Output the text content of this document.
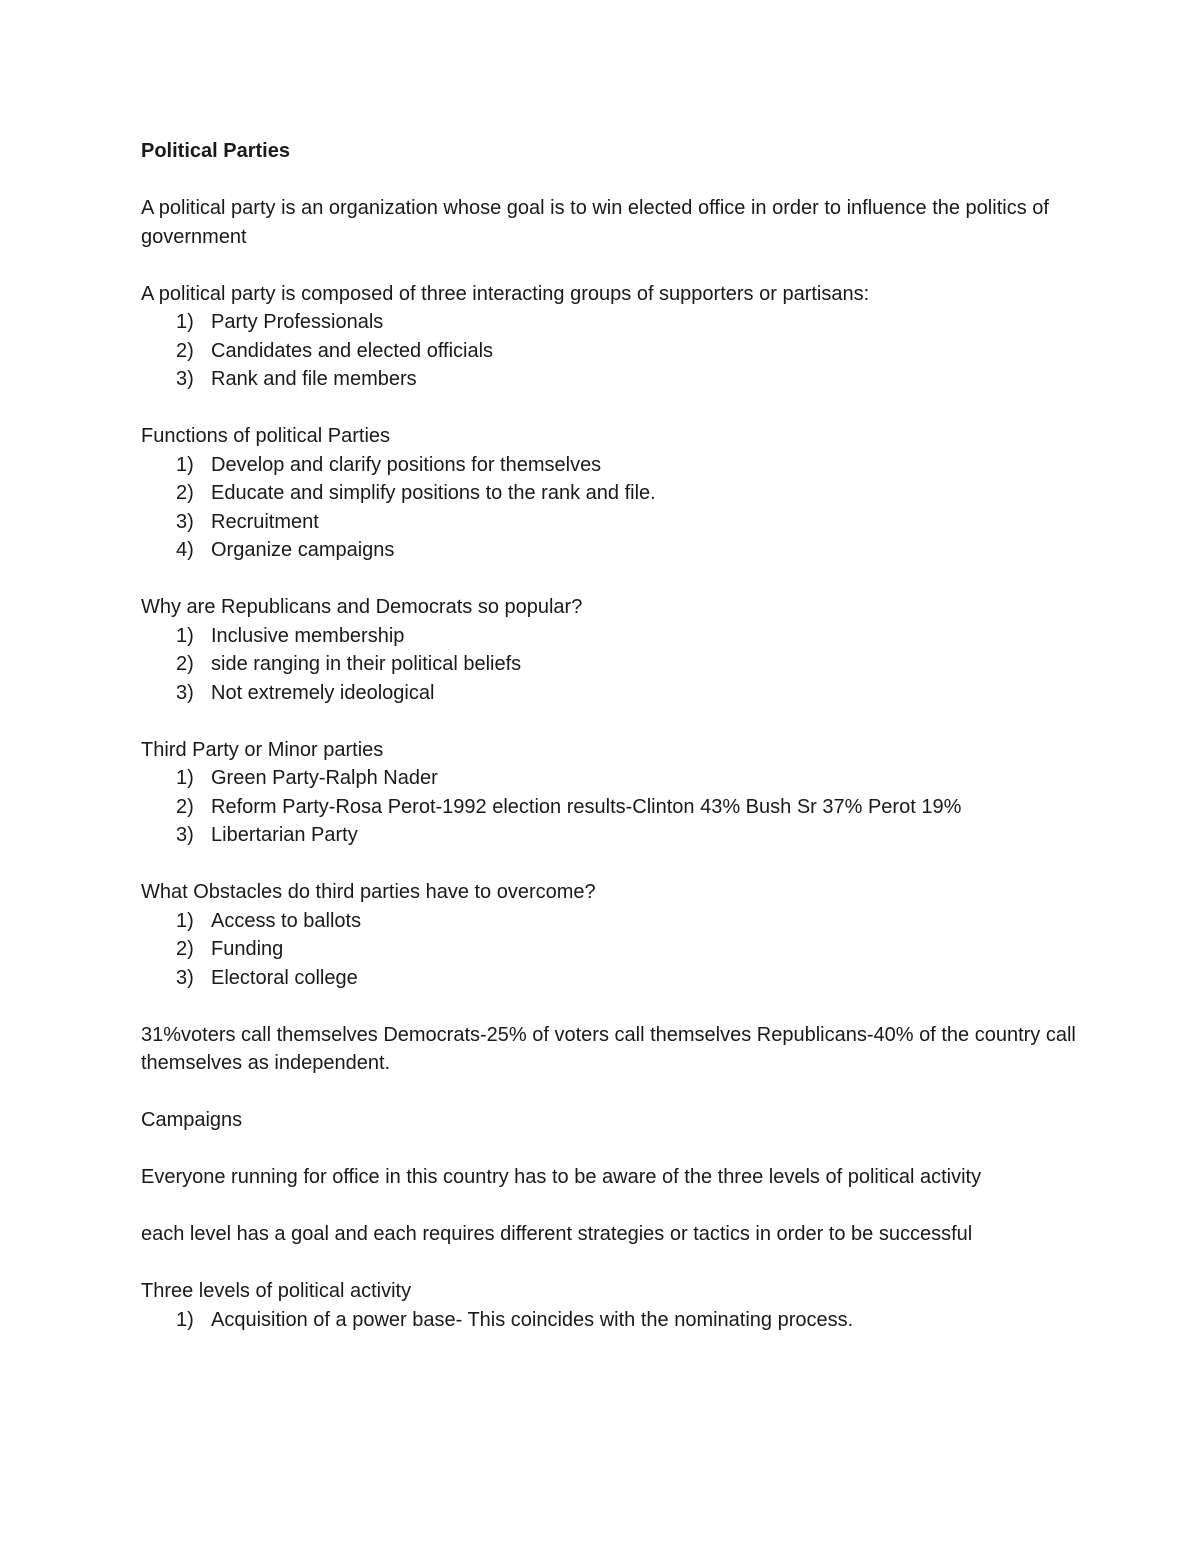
Political Parties

A political party is an organization whose goal is to win elected office in order to influence the politics of government

A political party is composed of three interacting groups of supporters or partisans:

1) Party Professionals
2) Candidates and elected officials
3) Rank and file members

Functions of political Parties

1) Develop and clarify positions for themselves
2) Educate and simplify positions to the rank and file.
3) Recruitment
4) Organize campaigns

Why are Republicans and Democrats so popular?

1) Inclusive membership
2) side ranging in their political beliefs
3) Not extremely ideological

Third Party or Minor parties

1) Green Party-Ralph Nader
2) Reform Party-Rosa Perot-1992 election results-Clinton 43% Bush Sr 37% Perot 19%
3) Libertarian Party

What Obstacles do third parties have to overcome?

1) Access to ballots
2) Funding
3) Electoral college

31%voters call themselves Democrats-25% of voters call themselves Republicans-40% of the country call themselves as independent.

Campaigns

Everyone running for office in this country has to be aware of the three levels of political activity

each level has a goal and each requires different strategies or tactics in order to be successful

Three levels of political activity

1) Acquisition of a power base- This coincides with the nominating process.
